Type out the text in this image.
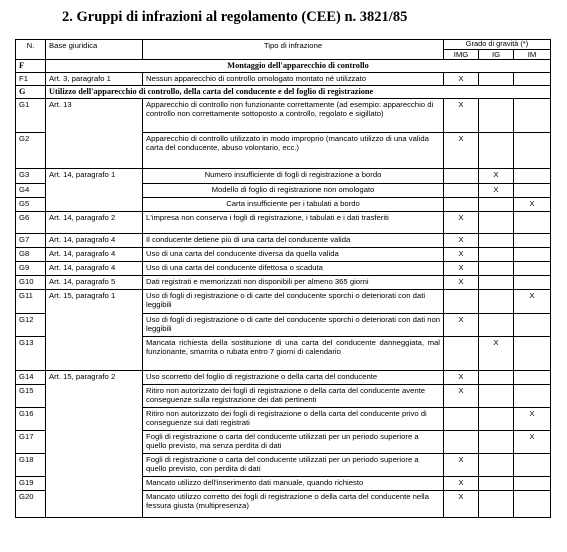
2. Gruppi di infrazioni al regolamento (CEE) n. 3821/85
N.	Base giuridica	Tipo di infrazione	Grado di gravità (*)		
			IMG	IG	IM
F	Montaggio dell'apparecchio di controllo				
F1	Art. 3, paragrafo 1	Nessun apparecchio di controllo omologato montato né utilizzato	X		
G	Utilizzo dell'apparecchio di controllo, della carta del conducente e del foglio di registrazione				
G1	Art. 13	Apparecchio di controllo non funzionante correttamente (ad esempio: apparecchio di controllo non correttamente sottoposto a controllo, regolato e sigillato)	X		
G2		Apparecchio di controllo utilizzato in modo improprio (mancato utilizzo di una valida carta del conducente, abuso volontario, ecc.)	X		
G3	Art. 14, paragrafo 1	Numero insufficiente di fogli di registrazione a bordo		X	
G4		Modello di foglio di registrazione non omologato		X	
G5		Carta insufficiente per i tabulati a bordo			X
G6	Art. 14, paragrafo 2	L'impresa non conserva i fogli di registrazione, i tabulati e i dati trasferiti	X		
G7	Art. 14, paragrafo 4	Il conducente detiene più di una carta del conducente valida	X		
G8	Art. 14, paragrafo 4	Uso di una carta del conducente diversa da quella valida	X		
G9	Art. 14, paragrafo 4	Uso di una carta del conducente difettosa o scaduta	X		
G10	Art. 14, paragrafo 5	Dati registrati e memorizzati non disponibili per almeno 365 giorni	X		
G11	Art. 15, paragrafo 1	Uso di fogli di registrazione o di carte del conducente sporchi o deteriorati con dati leggibili			X
G12		Uso di fogli di registrazione o di carte del conducente sporchi o deteriorati con dati non leggibili	X		
G13		Mancata richiesta della sostituzione di una carta del conducente danneggiata, mal funzionante, smarrita o rubata entro 7 giorni di calendario		X	
G14	Art. 15, paragrafo 2	Uso scorretto del foglio di registrazione o della carta del conducente	X		
G15		Ritiro non autorizzato dei fogli di registrazione o della carta del conducente avente conseguenze sulla registrazione dei dati pertinenti	X		
G16		Ritiro non autorizzato dei fogli di registrazione o della carta del conducente privo di conseguenze sui dati registrati			X
G17		Fogli di registrazione o carta del conducente utilizzati per un periodo superiore a quello previsto, ma senza perdita di dati			X
G18		Fogli di registrazione o carta del conducente utilizzati per un periodo superiore a quello previsto, con perdita di dati	X		
G19		Mancato utilizzo dell'inserimento dati manuale, quando richiesto	X		
G20		Mancato utilizzo corretto dei fogli di registrazione o della carta del conducente nella fessura giusta (multipresenza)	X		
